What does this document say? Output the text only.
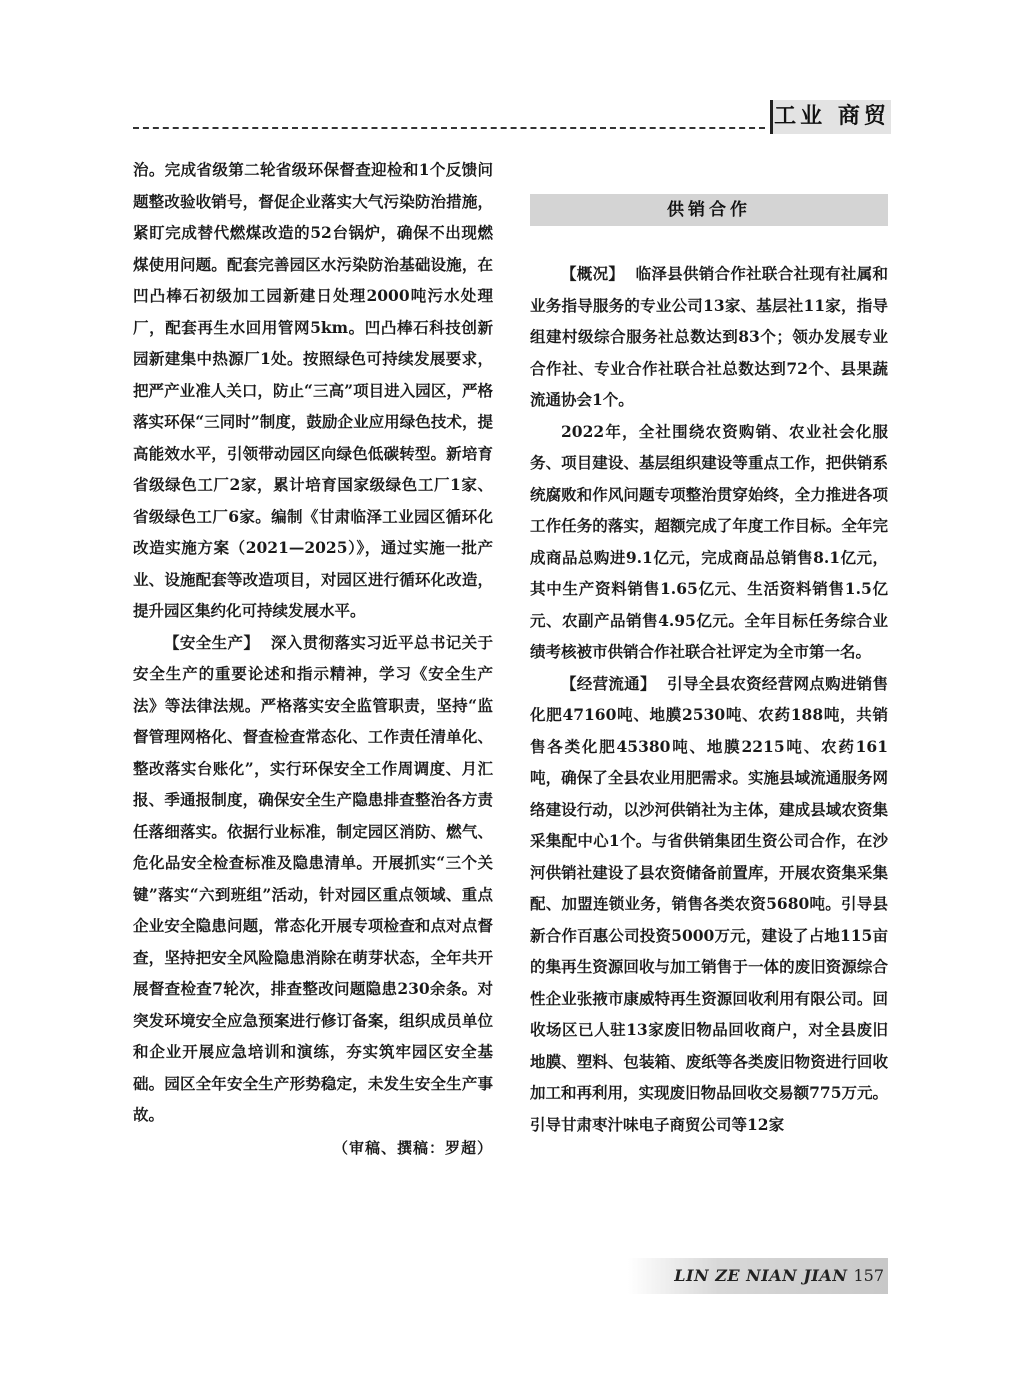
工业 商贸

治。完成省级第二轮省级环保督查迎检和1个反馈问题整改验收销号，督促企业落实大气污染防治措施，紧盯完成替代燃煤改造的52台锅炉，确保不出现燃煤使用问题。配套完善园区水污染防治基础设施，在凹凸棒石初级加工园新建日处理2000吨污水处理厂，配套再生水回用管网5km。凹凸棒石科技创新园新建集中热源厂1处。按照绿色可持续发展要求，把严产业准人关口，防止“三高”项目进入园区，严格落实环保“三同时”制度，鼓励企业应用绿色技术，提高能效水平，引领带动园区向绿色低碳转型。新培育省级绿色工厂2家，累计培育国家级绿色工厂1家、省级绿色工厂6家。编制《甘肃临泽工业园区循环化改造实施方案（2021—2025）》，通过实施一批产业、设施配套等改造项目，对园区进行循环化改造，提升园区集约化可持续发展水平。

【安全生产】 深入贯彻落实习近平总书记关于安全生产的重要论述和指示精神，学习《安全生产法》等法律法规。严格落实安全监管职责，坚持“监督管理网格化、督查检查常态化、工作责任清单化、整改落实台账化”，实行环保安全工作周调度、月汇报、季通报制度，确保安全生产隐患排查整治各方责任落细落实。依据行业标准，制定园区消防、燃气、危化品安全检查标准及隐患清单。开展抓实“三个关键”落实“六到班组”活动，针对园区重点领域、重点企业安全隐患问题，常态化开展专项检查和点对点督查，坚持把安全风险隐患消除在萌芽状态，全年共开展督查检查7轮次，排查整改问题隐患230余条。对突发环境安全应急预案进行修订备案，组织成员单位和企业开展应急培训和演练，夯实筑牢园区安全基础。园区全年安全生产形势稳定，未发生安全生产事故。

（审稿、撰稿：罗超）
供销合作

【概况】 临泽县供销合作社联合社现有社属和业务指导服务的专业公司13家、基层社11家，指导组建村级综合服务社总数达到83个；领办发展专业合作社、专业合作社联合社总数达到72个、县果蔬流通协会1个。

2022年，全社围绕农资购销、农业社会化服务、项目建设、基层组织建设等重点工作，把供销系统腐败和作风问题专项整治贯穿始终，全力推进各项工作任务的落实，超额完成了年度工作目标。全年完成商品总购进9.1亿元，完成商品总销售8.1亿元，其中生产资料销售1.65亿元、生活资料销售1.5亿元、农副产品销售4.95亿元。全年目标任务综合业绩考核被市供销合作社联合社评定为全市第一名。

【经营流通】 引导全县农资经营网点购进销售化肥47160吨、地膜2530吨、农药188吨，共销售各类化肥45380吨、地膜2215吨、农药161吨，确保了全县农业用肥需求。实施县域流通服务网络建设行动，以沙河供销社为主体，建成县域农资集采集配中心1个。与省供销集团生资公司合作，在沙河供销社建设了县农资储备前置库，开展农资集采集配、加盟连锁业务，销售各类农资5680吨。引导县新合作百惠公司投资5000万元，建设了占地115亩的集再生资源回收与加工销售于一体的废旧资源综合性企业张掖市康威特再生资源回收利用有限公司。回收场区已人驻13家废旧物品回收商户，对全县废旧地膜、塑料、包装箱、废纸等各类废旧物资进行回收加工和再利用，实现废旧物品回收交易额775万元。引导甘肃枣汁味电子商贸公司等12家

LIN ZE NIAN JIAN 157
